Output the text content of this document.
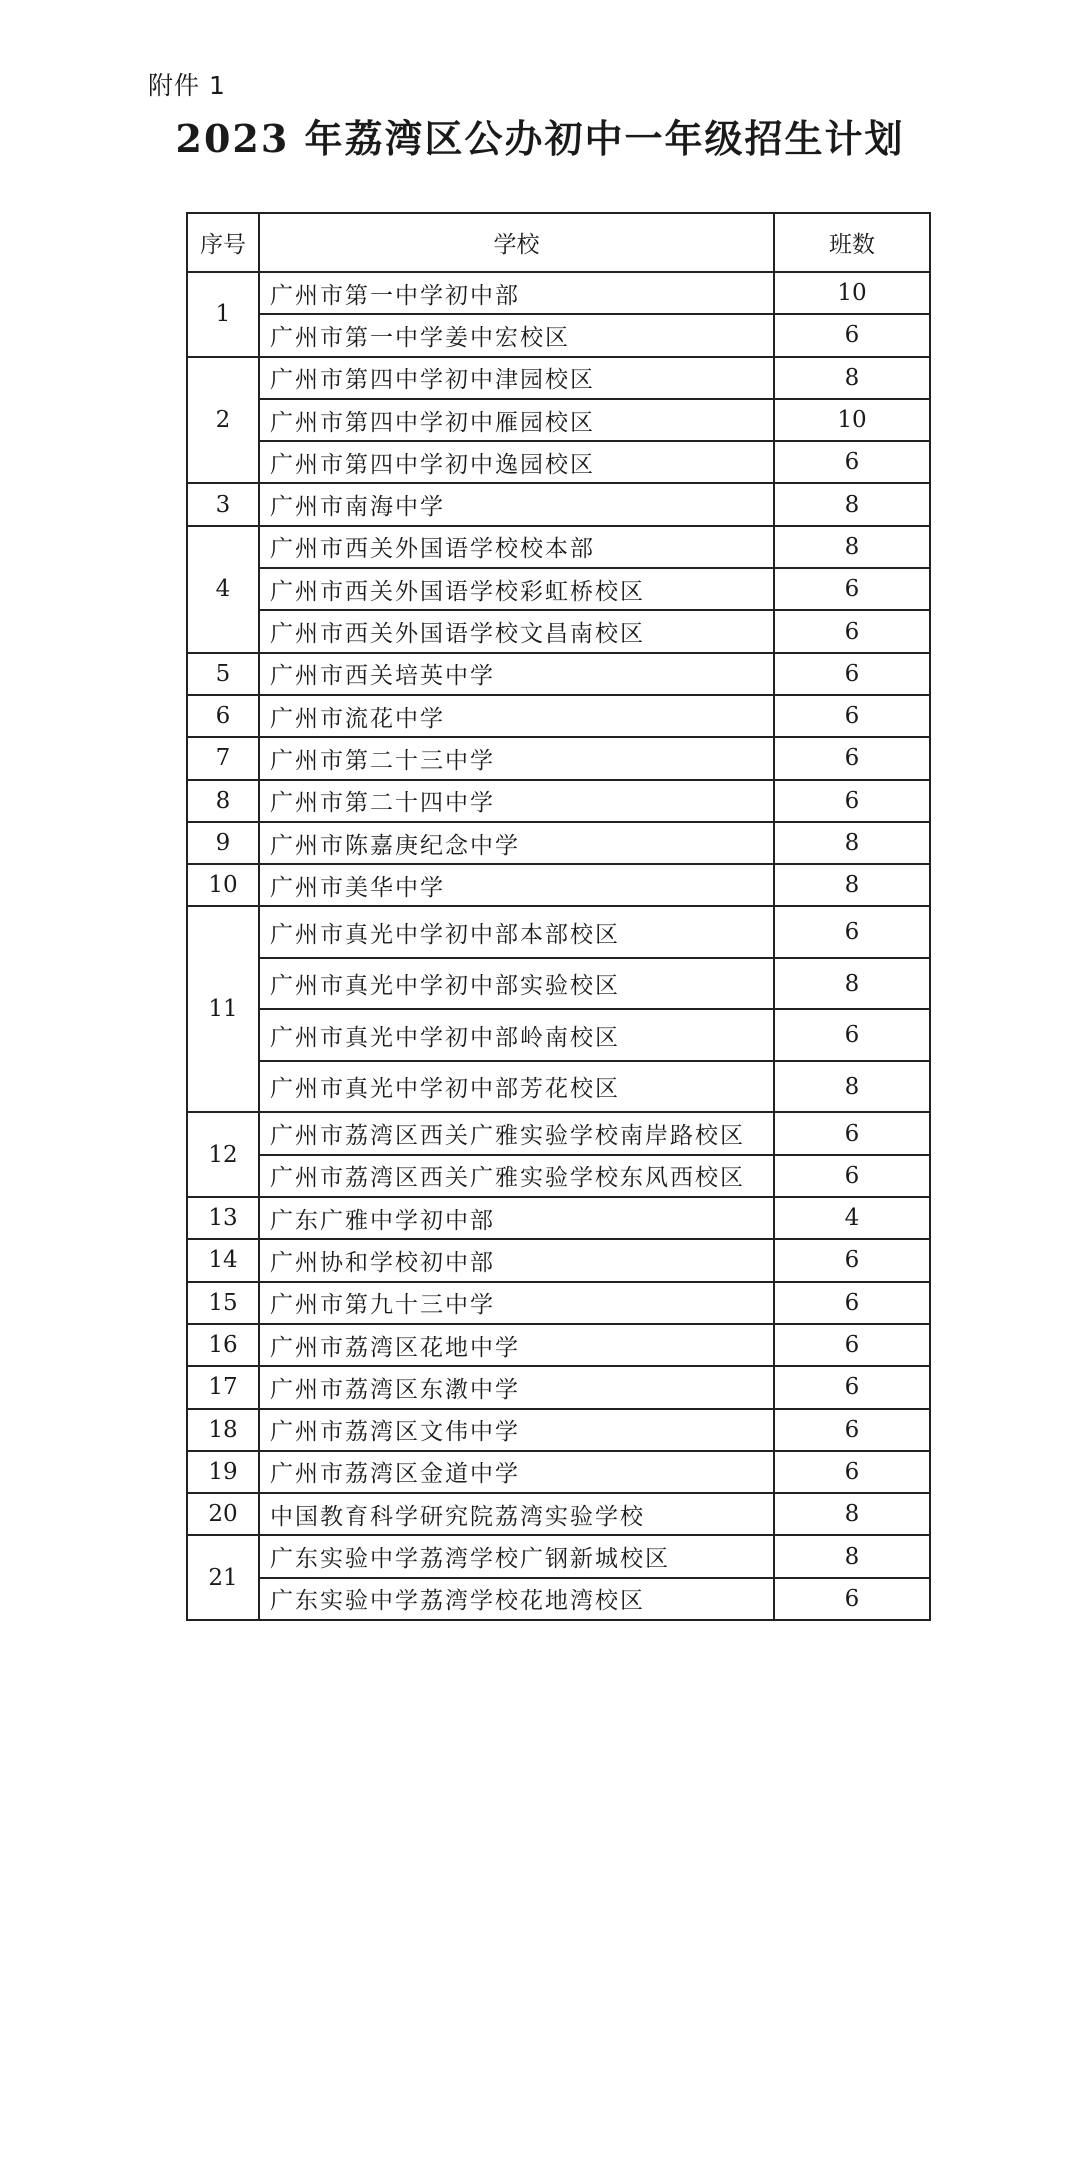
附件 1
2023 年荔湾区公办初中一年级招生计划
序号	学校	班数
1	广州市第一中学初中部	10
	广州市第一中学姜中宏校区	6
2	广州市第四中学初中津园校区	8
	广州市第四中学初中雁园校区	10
	广州市第四中学初中逸园校区	6
3	广州市南海中学	8
4	广州市西关外国语学校校本部	8
	广州市西关外国语学校彩虹桥校区	6
	广州市西关外国语学校文昌南校区	6
5	广州市西关培英中学	6
6	广州市流花中学	6
7	广州市第二十三中学	6
8	广州市第二十四中学	6
9	广州市陈嘉庚纪念中学	8
10	广州市美华中学	8
11	广州市真光中学初中部本部校区	6
	广州市真光中学初中部实验校区	8
	广州市真光中学初中部岭南校区	6
	广州市真光中学初中部芳花校区	8
12	广州市荔湾区西关广雅实验学校南岸路校区	6
	广州市荔湾区西关广雅实验学校东风西校区	6
13	广东广雅中学初中部	4
14	广州协和学校初中部	6
15	广州市第九十三中学	6
16	广州市荔湾区花地中学	6
17	广州市荔湾区东漖中学	6
18	广州市荔湾区文伟中学	6
19	广州市荔湾区金道中学	6
20	中国教育科学研究院荔湾实验学校	8
21	广东实验中学荔湾学校广钢新城校区	8
	广东实验中学荔湾学校花地湾校区	6
